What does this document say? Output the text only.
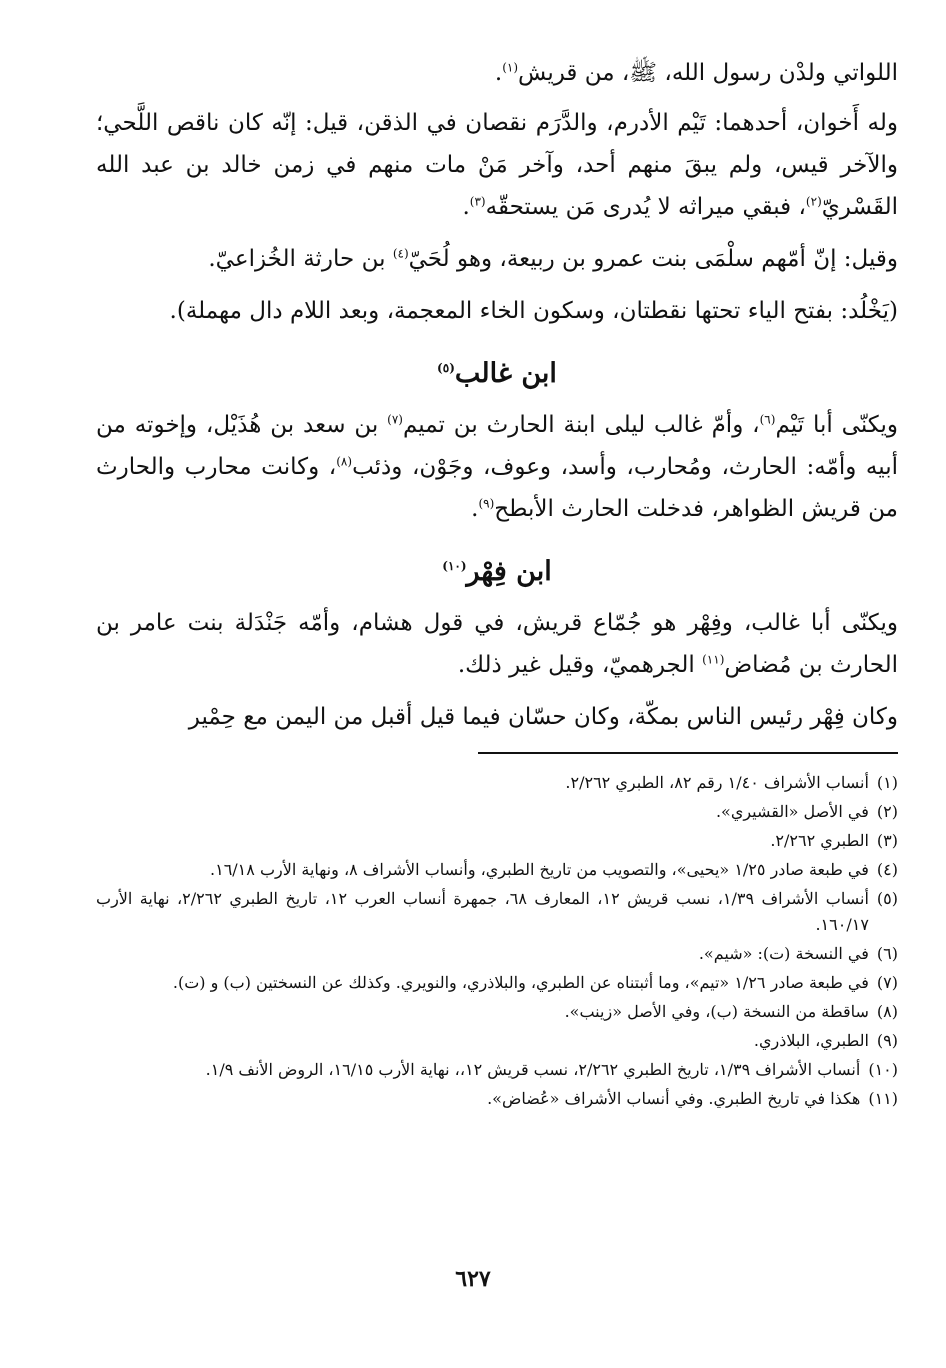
اللواتي ولدْن رسول الله، ﷺ، من قريش$^{(١)}$.

وله أَخوان، أحدهما: تَيْم الأدرم، والدَّرَم نقصان في الذقن، قيل: إنّه كان ناقص اللَّحي؛ والآخر قيس، ولم يبقَ منهم أحد، وآخر مَنْ مات منهم في زمن خالد بن عبد الله القَسْريّ$^{(٢)}$، فبقي ميراثه لا يُدرى مَن يستحقّه$^{(٣)}$.

وقيل: إنّ أمّهم سلْمَى بنت عمرو بن ربيعة، وهو لُحَيّ$^{(٤)}$ بن حارثة الخُزاعيّ.

(يَخْلُد: بفتح الياء تحتها نقطتان، وسكون الخاء المعجمة، وبعد اللام دال مهملة).

ابن غالب$^{(٥)}$

ويكنّى أبا تَيْم$^{(٦)}$، وأمّ غالب ليلى ابنة الحارث بن تميم$^{(٧)}$ بن سعد بن هُذَيْل، وإخوته من أبيه وأمّه: الحارث، ومُحارب، وأسد، وعوف، وجَوْن، وذئب$^{(٨)}$، وكانت محارب والحارث من قريش الظواهر، فدخلت الحارث الأبطح$^{(٩)}$.

ابن فِهْر$^{(١٠)}$

ويكنّى أبا غالب، وفِهْر هو جُمّاع قريش، في قول هشام، وأمّه جَنْدَلة بنت عامر بن الحارث بن مُضاض$^{(١١)}$ الجرهميّ، وقيل غير ذلك.

وكان فِهْر رئيس الناس بمكّة، وكان حسّان فيما قيل أقبل من اليمن مع حِمْير

(١)
أنساب الأشراف ١/٤٠ رقم ٨٢، الطبري ٢/٢٦٢.
(٢)
في الأصل «القشيري».
(٣)
الطبري ٢/٢٦٢.
(٤)
في طبعة صادر ١/٢٥ «يحيى»، والتصويب من تاريخ الطبري، وأنساب الأشراف ٨، ونهاية الأرب ١٦/١٨.
(٥)
أنساب الأشراف ١/٣٩، نسب قريش ١٢، المعارف ٦٨، جمهرة أنساب العرب ١٢، تاريخ الطبري ٢/٢٦٢، نهاية الأرب ١٦٠/١٧.
(٦)
في النسخة (ت): «شيم».
(٧)
في طبعة صادر ١/٢٦ «تيم»، وما أثبتناه عن الطبري، والبلاذري، والنويري. وكذلك عن النسختين (ب) و (ت).
(٨)
ساقطة من النسخة (ب)، وفي الأصل «زينب».
(٩)
الطبري، البلاذري.
(١٠)
أنساب الأشراف ١/٣٩، تاريخ الطبري ٢/٢٦٢، نسب قريش ١٢،، نهاية الأرب ١٦/١٥، الروض الأنف ١/٩.
(١١)
هكذا في تاريخ الطبري. وفي أنساب الأشراف «عُضاض».
٦٢٧
